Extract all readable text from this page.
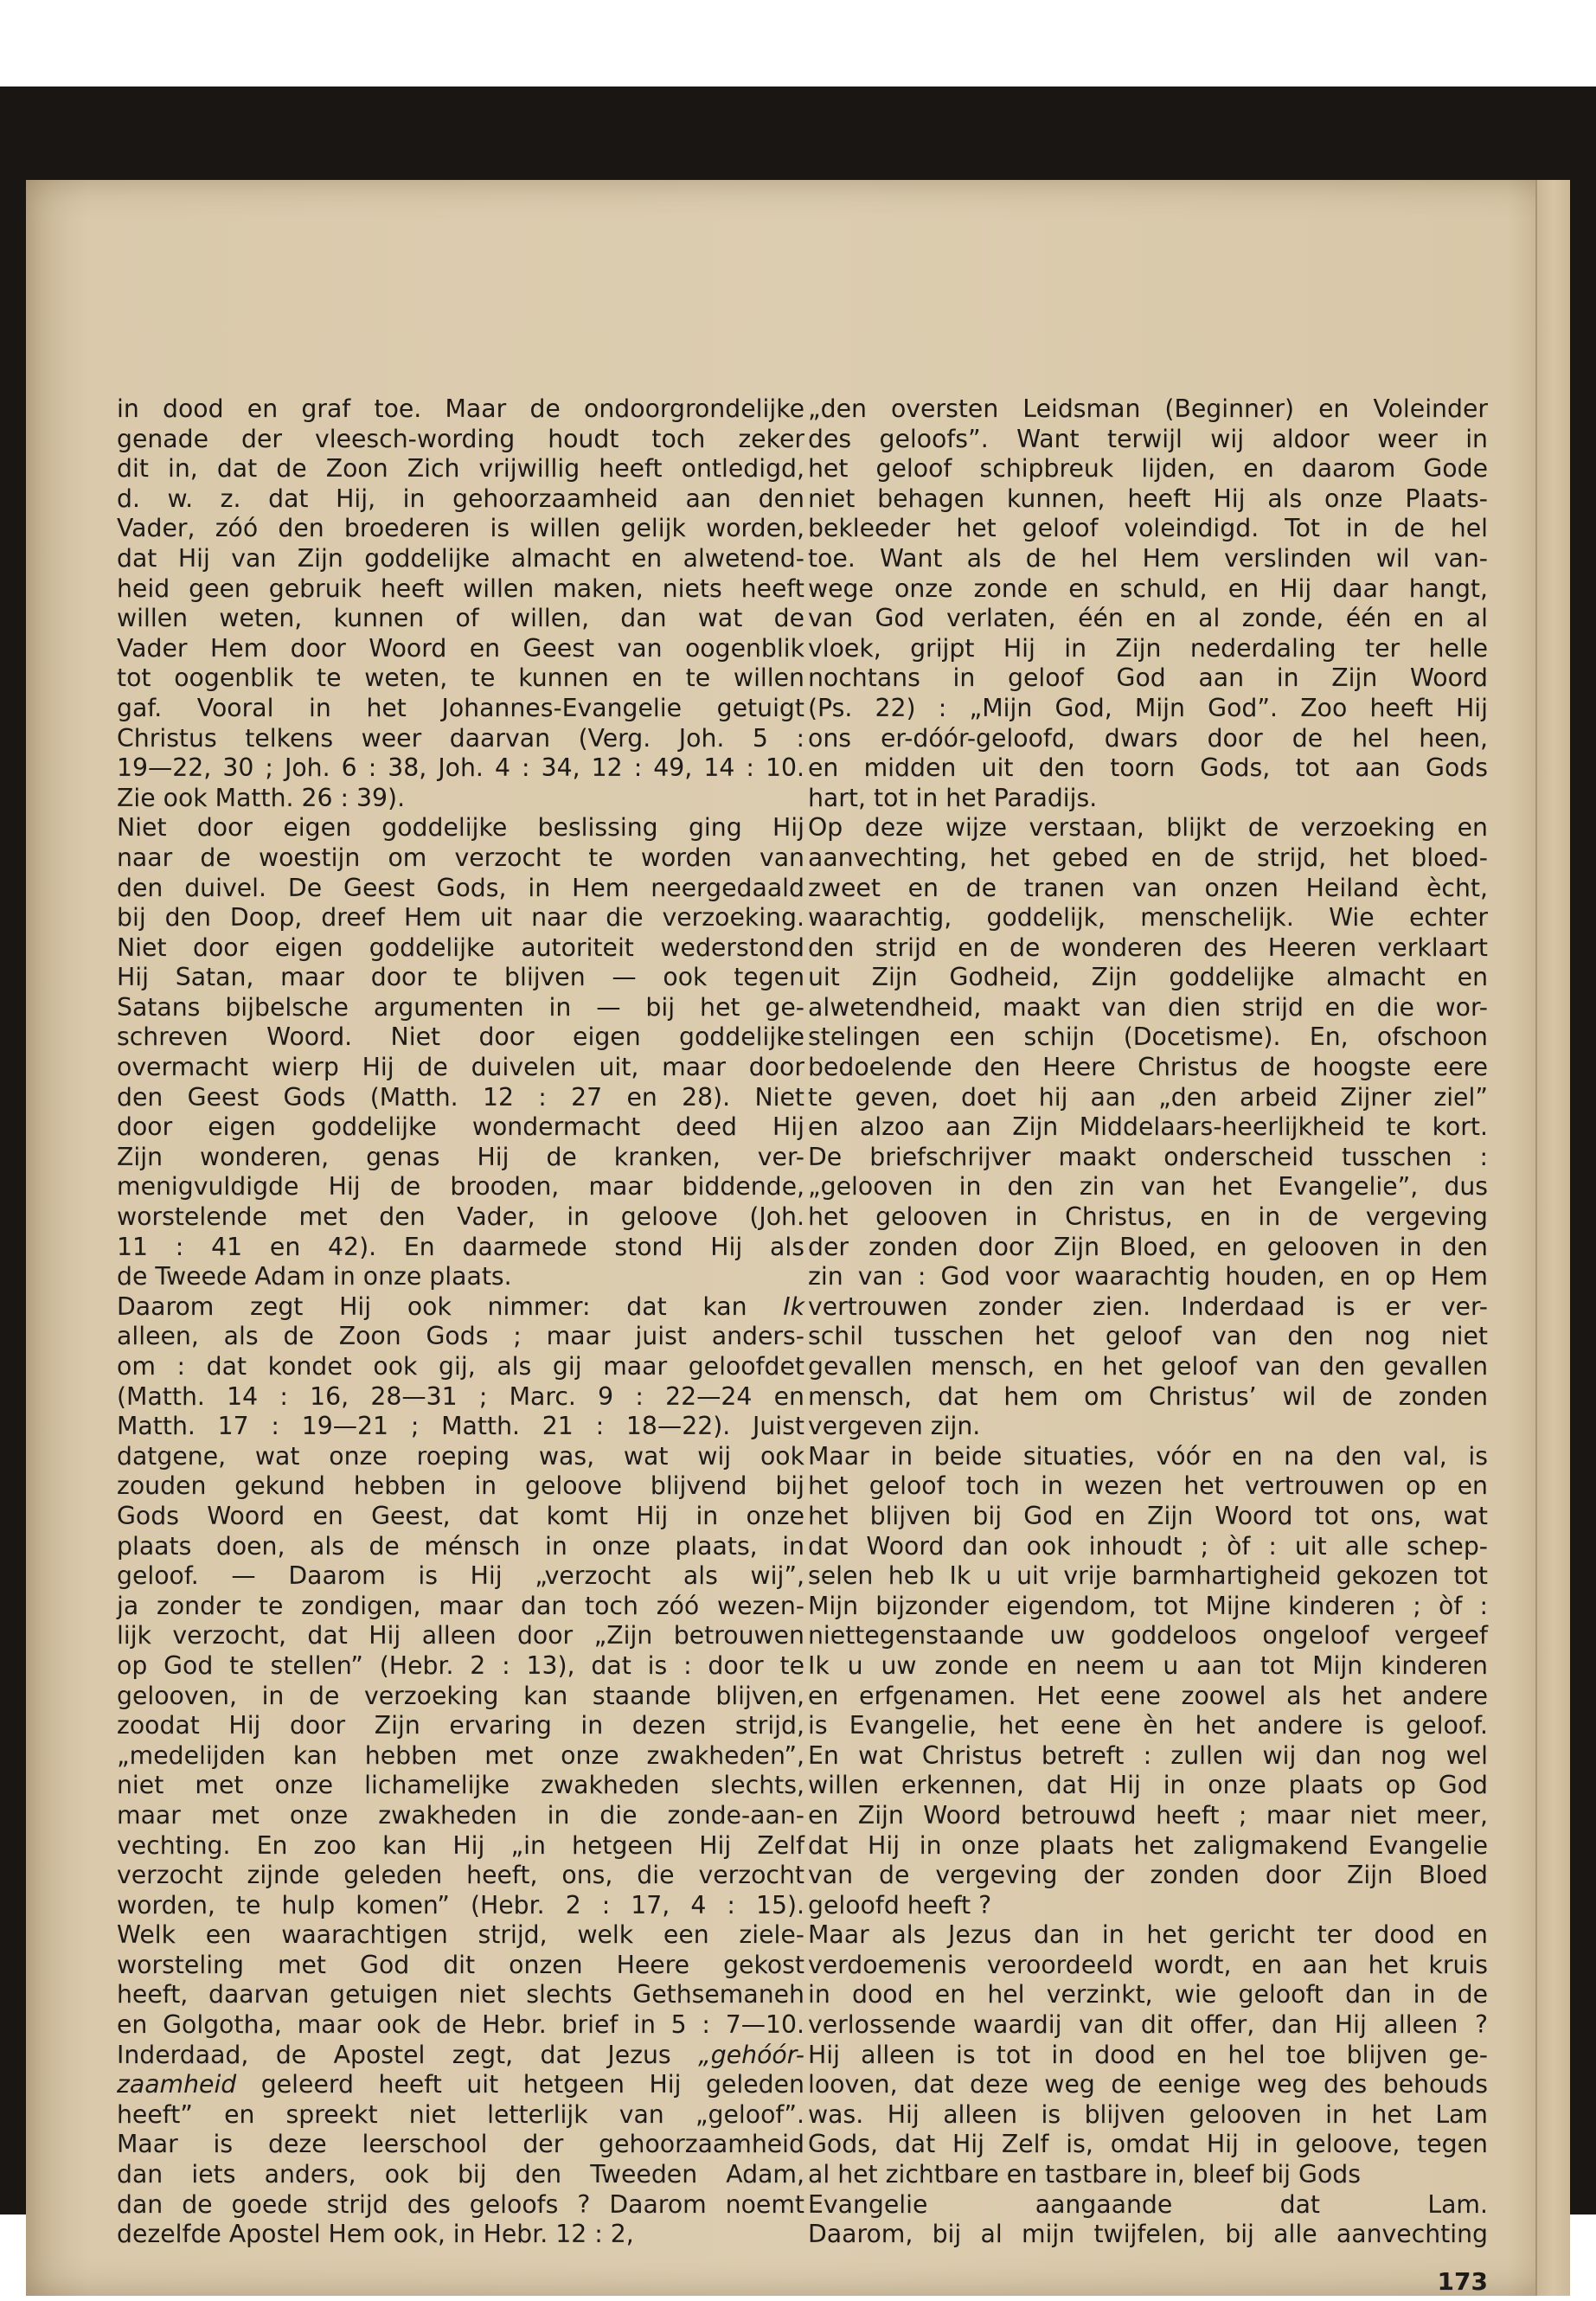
in dood en graf toe. Maar de ondoorgrondelijke
genade der vleesch-wording houdt toch zeker
dit in, dat de Zoon Zich vrijwillig heeft ontledigd,
d. w. z. dat Hij, in gehoorzaamheid aan den
Vader, zóó den broederen is willen gelijk worden,
dat Hij van Zijn goddelijke almacht en alwetend-
heid geen gebruik heeft willen maken, niets heeft
willen weten, kunnen of willen, dan wat de
Vader Hem door Woord en Geest van oogenblik
tot oogenblik te weten, te kunnen en te willen
gaf. Vooral in het Johannes-Evangelie getuigt
Christus telkens weer daarvan (Verg. Joh. 5 :
19—22, 30 ; Joh. 6 : 38, Joh. 4 : 34, 12 : 49, 14 : 10.
Zie ook Matth. 26 : 39).
Niet door eigen goddelijke beslissing ging Hij
naar de woestijn om verzocht te worden van
den duivel. De Geest Gods, in Hem neergedaald
bij den Doop, dreef Hem uit naar die verzoeking.
Niet door eigen goddelijke autoriteit wederstond
Hij Satan, maar door te blijven — ook tegen
Satans bijbelsche argumenten in — bij het ge-
schreven Woord. Niet door eigen goddelijke
overmacht wierp Hij de duivelen uit, maar door
den Geest Gods (Matth. 12 : 27 en 28). Niet
door eigen goddelijke wondermacht deed Hij
Zijn wonderen, genas Hij de kranken, ver-
menigvuldigde Hij de brooden, maar biddende,
worstelende met den Vader, in geloove (Joh.
11 : 41 en 42). En daarmede stond Hij als
de Tweede Adam in onze plaats.
Daarom zegt Hij ook nimmer: dat kan Ik
alleen, als de Zoon Gods ; maar juist anders-
om : dat kondet ook gij, als gij maar geloofdet
(Matth. 14 : 16, 28—31 ; Marc. 9 : 22—24 en
Matth. 17 : 19—21 ; Matth. 21 : 18—22). Juist
datgene, wat onze roeping was, wat wij ook
zouden gekund hebben in geloove blijvend bij
Gods Woord en Geest, dat komt Hij in onze
plaats doen, als de ménsch in onze plaats, in
geloof. — Daarom is Hij „verzocht als wij”,
ja zonder te zondigen, maar dan toch zóó wezen-
lijk verzocht, dat Hij alleen door „Zijn betrouwen
op God te stellen” (Hebr. 2 : 13), dat is : door te
gelooven, in de verzoeking kan staande blijven,
zoodat Hij door Zijn ervaring in dezen strijd,
„medelijden kan hebben met onze zwakheden”,
niet met onze lichamelijke zwakheden slechts,
maar met onze zwakheden in die zonde-aan-
vechting. En zoo kan Hij „in hetgeen Hij Zelf
verzocht zijnde geleden heeft, ons, die verzocht
worden, te hulp komen” (Hebr. 2 : 17, 4 : 15).
Welk een waarachtigen strijd, welk een ziele-
worsteling met God dit onzen Heere gekost
heeft, daarvan getuigen niet slechts Gethsemaneh
en Golgotha, maar ook de Hebr. brief in 5 : 7—10.
Inderdaad, de Apostel zegt, dat Jezus „gehóór-
zaamheid geleerd heeft uit hetgeen Hij geleden
heeft” en spreekt niet letterlijk van „geloof”.
Maar is deze leerschool der gehoorzaamheid
dan iets anders, ook bij den Tweeden Adam,
dan de goede strijd des geloofs ? Daarom noemt
dezelfde Apostel Hem ook, in Hebr. 12 : 2,
„den oversten Leidsman (Beginner) en Voleinder
des geloofs”. Want terwijl wij aldoor weer in
het geloof schipbreuk lijden, en daarom Gode
niet behagen kunnen, heeft Hij als onze Plaats-
bekleeder het geloof voleindigd. Tot in de hel
toe. Want als de hel Hem verslinden wil van-
wege onze zonde en schuld, en Hij daar hangt,
van God verlaten, één en al zonde, één en al
vloek, grijpt Hij in Zijn nederdaling ter helle
nochtans in geloof God aan in Zijn Woord
(Ps. 22) : „Mijn God, Mijn God”. Zoo heeft Hij
ons er-dóór-geloofd, dwars door de hel heen,
en midden uit den toorn Gods, tot aan Gods
hart, tot in het Paradijs.
Op deze wijze verstaan, blijkt de verzoeking en
aanvechting, het gebed en de strijd, het bloed-
zweet en de tranen van onzen Heiland ècht,
waarachtig, goddelijk, menschelijk. Wie echter
den strijd en de wonderen des Heeren verklaart
uit Zijn Godheid, Zijn goddelijke almacht en
alwetendheid, maakt van dien strijd en die wor-
stelingen een schijn (Docetisme). En, ofschoon
bedoelende den Heere Christus de hoogste eere
te geven, doet hij aan „den arbeid Zijner ziel”
en alzoo aan Zijn Middelaars-heerlijkheid te kort.
De briefschrijver maakt onderscheid tusschen :
„gelooven in den zin van het Evangelie”, dus
het gelooven in Christus, en in de vergeving
der zonden door Zijn Bloed, en gelooven in den
zin van : God voor waarachtig houden, en op Hem
vertrouwen zonder zien. Inderdaad is er ver-
schil tusschen het geloof van den nog niet
gevallen mensch, en het geloof van den gevallen
mensch, dat hem om Christus’ wil de zonden
vergeven zijn.
Maar in beide situaties, vóór en na den val, is
het geloof toch in wezen het vertrouwen op en
het blijven bij God en Zijn Woord tot ons, wat
dat Woord dan ook inhoudt ; òf : uit alle schep-
selen heb Ik u uit vrije barmhartigheid gekozen tot
Mijn bijzonder eigendom, tot Mijne kinderen ; òf :
niettegenstaande uw goddeloos ongeloof vergeef
Ik u uw zonde en neem u aan tot Mijn kinderen
en erfgenamen. Het eene zoowel als het andere
is Evangelie, het eene èn het andere is geloof.
En wat Christus betreft : zullen wij dan nog wel
willen erkennen, dat Hij in onze plaats op God
en Zijn Woord betrouwd heeft ; maar niet meer,
dat Hij in onze plaats het zaligmakend Evangelie
van de vergeving der zonden door Zijn Bloed
geloofd heeft ?
Maar als Jezus dan in het gericht ter dood en
verdoemenis veroordeeld wordt, en aan het kruis
in dood en hel verzinkt, wie gelooft dan in de
verlossende waardij van dit offer, dan Hij alleen ?
Hij alleen is tot in dood en hel toe blijven ge-
looven, dat deze weg de eenige weg des behouds
was. Hij alleen is blijven gelooven in het Lam
Gods, dat Hij Zelf is, omdat Hij in geloove, tegen
al het zichtbare en tastbare in, bleef bij Gods
Evangelie aangaande dat Lam.
Daarom, bij al mijn twijfelen, bij alle aanvechting
173
